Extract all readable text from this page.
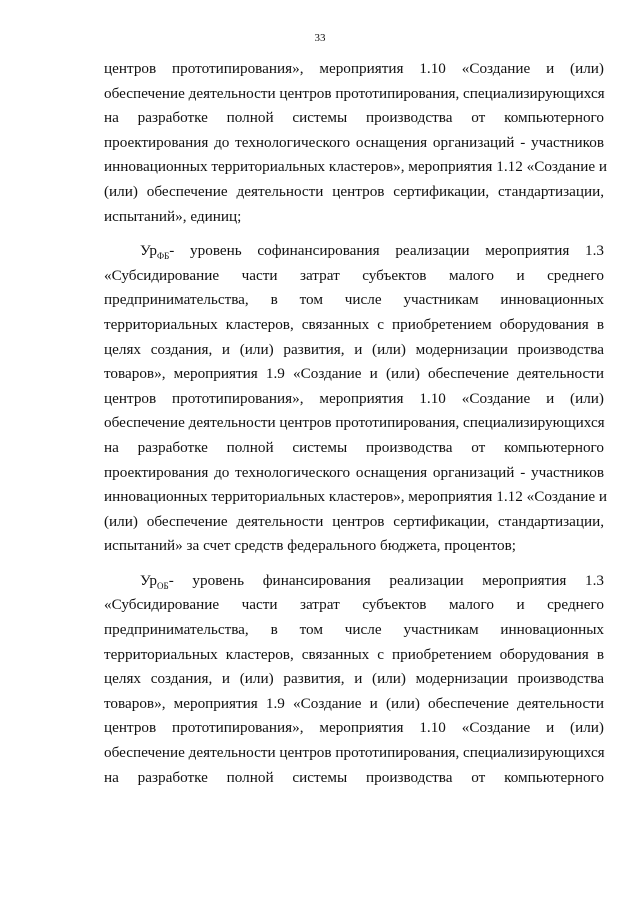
33
центров прототипирования», мероприятия 1.10 «Создание и (или)
обеспечение деятельности центров прототипирования, специализирующихся
на разработке полной системы производства от компьютерного
проектирования до технологического оснащения организаций - участников
инновационных территориальных кластеров», мероприятия 1.12 «Создание и
(или) обеспечение деятельности центров сертификации, стандартизации,
испытаний», единиц;
$Ур_{ФБ}-$ уровень софинансирования реализации мероприятия 1.3
«Субсидирование части затрат субъектов малого и среднего
предпринимательства, в том числе участникам инновационных
территориальных кластеров, связанных с приобретением оборудования в
целях создания, и (или) развития, и (или) модернизации производства
товаров», мероприятия 1.9 «Создание и (или) обеспечение деятельности
центров прототипирования», мероприятия 1.10 «Создание и (или)
обеспечение деятельности центров прототипирования, специализирующихся
на разработке полной системы производства от компьютерного
проектирования до технологического оснащения организаций - участников
инновационных территориальных кластеров», мероприятия 1.12 «Создание и
(или) обеспечение деятельности центров сертификации, стандартизации,
испытаний» за счет средств федерального бюджета, процентов;
$Ур_{ОБ}-$ уровень финансирования реализации мероприятия 1.3
«Субсидирование части затрат субъектов малого и среднего
предпринимательства, в том числе участникам инновационных
территориальных кластеров, связанных с приобретением оборудования в
целях создания, и (или) развития, и (или) модернизации производства
товаров», мероприятия 1.9 «Создание и (или) обеспечение деятельности
центров прототипирования», мероприятия 1.10 «Создание и (или)
обеспечение деятельности центров прототипирования, специализирующихся
на разработке полной системы производства от компьютерного
